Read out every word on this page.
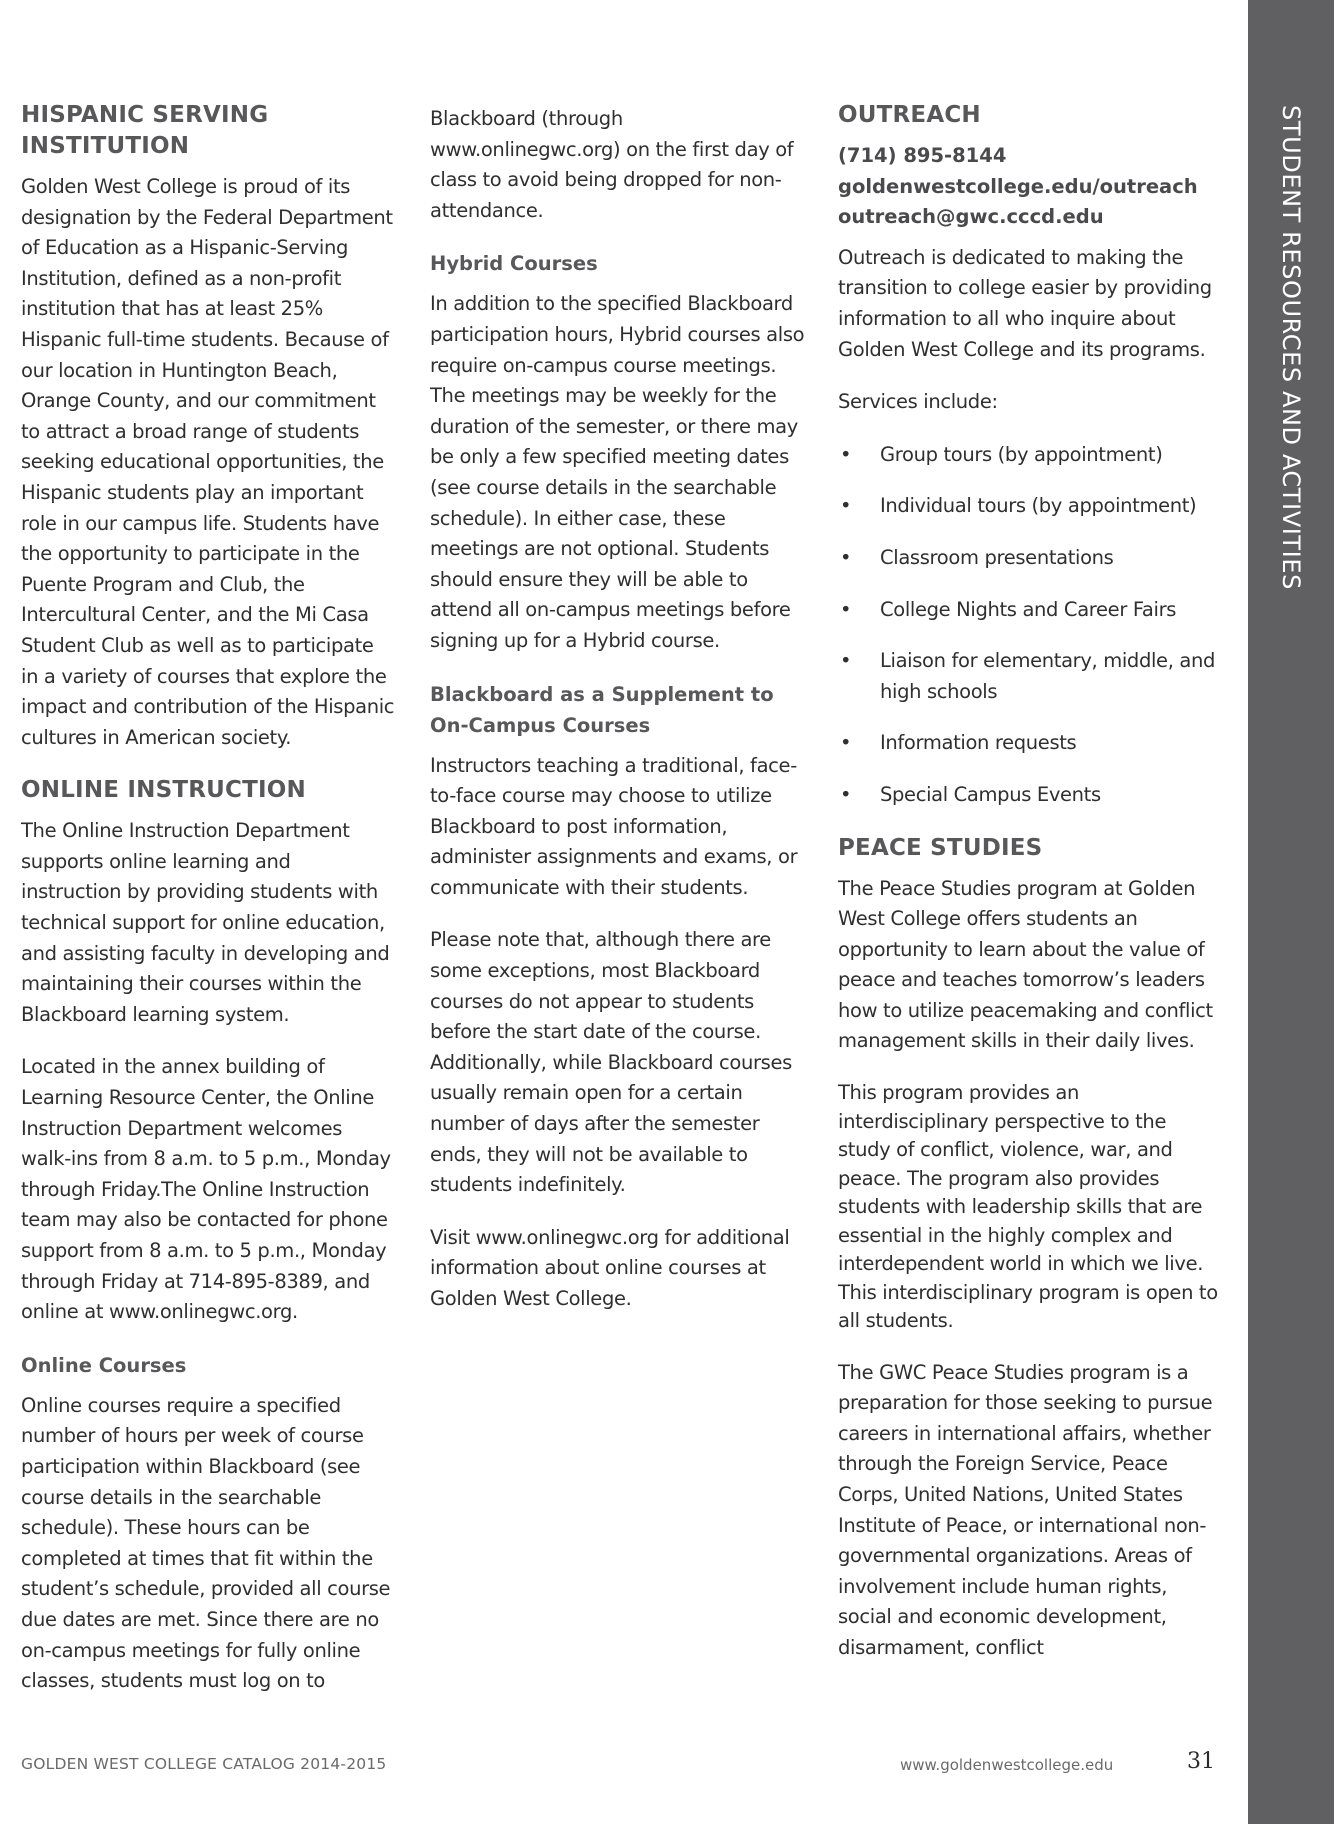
STUDENT RESOURCES AND ACTIVITIES
HISPANIC SERVING INSTITUTION

Golden West College is proud of its designation by the Federal Department of Education as a Hispanic-Serving Institution, defined as a non-profit institution that has at least 25% Hispanic full-time students. Because of our location in Huntington Beach, Orange County, and our commitment to attract a broad range of students seeking educational opportunities, the Hispanic students play an important role in our campus life. Students have the opportunity to participate in the Puente Program and Club, the Intercultural Center, and the Mi Casa Student Club as well as to participate in a variety of courses that explore the impact and contribution of the Hispanic cultures in American society.

ONLINE INSTRUCTION

The Online Instruction Department supports online learning and instruction by providing students with technical support for online education, and assisting faculty in developing and maintaining their courses within the Blackboard learning system.

Located in the annex building of Learning Resource Center, the Online Instruction Department welcomes walk-ins from 8 a.m. to 5 p.m., Monday through Friday.The Online Instruction team may also be contacted for phone support from 8 a.m. to 5 p.m., Monday through Friday at 714-895-8389, and online at www.onlinegwc.org.

Online Courses

Online courses require a specified number of hours per week of course participation within Blackboard (see course details in the searchable schedule). These hours can be completed at times that fit within the student’s schedule, provided all course due dates are met. Since there are no on-campus meetings for fully online classes, students must log on to

Blackboard (through www.onlinegwc.org) on the first day of class to avoid being dropped for non-attendance.

Hybrid Courses

In addition to the specified Blackboard participation hours, Hybrid courses also require on-campus course meetings. The meetings may be weekly for the duration of the semester, or there may be only a few specified meeting dates (see course details in the searchable schedule). In either case, these meetings are not optional. Students should ensure they will be able to attend all on-campus meetings before signing up for a Hybrid course.

Blackboard as a Supplement to On-Campus Courses

Instructors teaching a traditional, face-to-face course may choose to utilize Blackboard to post information, administer assignments and exams, or communicate with their students.

Please note that, although there are some exceptions, most Blackboard courses do not appear to students before the start date of the course. Additionally, while Blackboard courses usually remain open for a certain number of days after the semester ends, they will not be available to students indefinitely.

Visit www.onlinegwc.org for additional information about online courses at Golden West College.

OUTREACH
(714) 895-8144
goldenwestcollege.edu/outreach
outreach@gwc.cccd.edu

Outreach is dedicated to making the transition to college easier by providing information to all who inquire about Golden West College and its programs.

Services include:

• Group tours (by appointment)
• Individual tours (by appointment)
• Classroom presentations
• College Nights and Career Fairs
• Liaison for elementary, middle, and high schools
• Information requests
• Special Campus Events
PEACE STUDIES

The Peace Studies program at Golden West College offers students an opportunity to learn about the value of peace and teaches tomorrow’s leaders how to utilize peacemaking and conflict management skills in their daily lives.

This program provides an interdisciplinary perspective to the study of conflict, violence, war, and peace. The program also provides students with leadership skills that are essential in the highly complex and interdependent world in which we live. This interdisciplinary program is open to all students.

The GWC Peace Studies program is a preparation for those seeking to pursue careers in international affairs, whether through the Foreign Service, Peace Corps, United Nations, United States Institute of Peace, or international non-governmental organizations. Areas of involvement include human rights, social and economic development, disarmament, conflict

GOLDEN WEST COLLEGE CATALOG 2014-2015	www.goldenwestcollege.edu	31
